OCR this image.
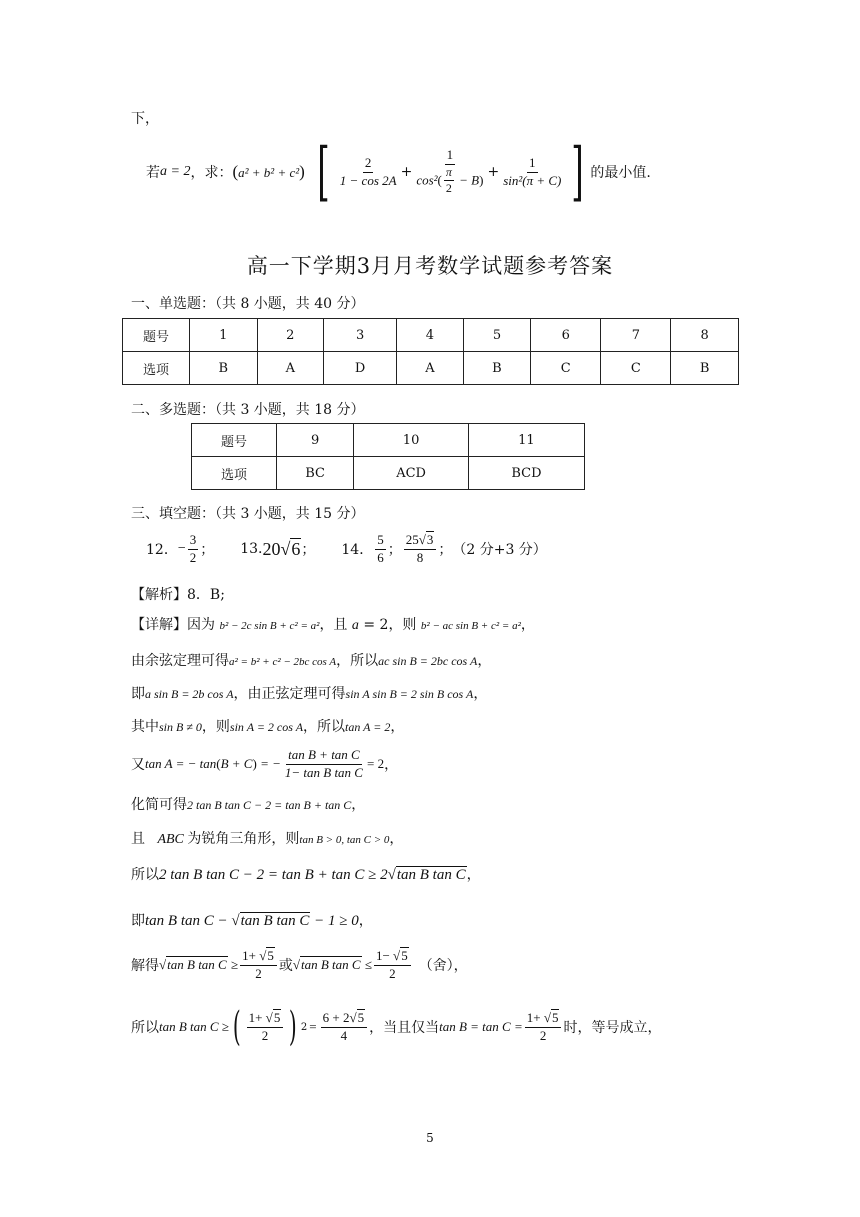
下，
若 a = 2 ，求： (a² + b² + c²) [ $\frac{2}{1 - \cos 2A} + \frac{1}{\cos^2( \frac{\pi}{2} - B)} + \frac{1}{\text{sin²(π + C)}}$ ] 的最小值.
高一下学期3月月考数学试题参考答案
一、单选题：（共 8 小题，共 40 分）
题号	1	2	3	4	5	6	7	8
选项	B	A	D	A	B	C	C	B
二、多选题：（共 3 小题，共 18 分）
题号	9	10	11
选项	BC	ACD	BCD
三、填空题：（共 3 小题，共 15 分）
12． − $\frac{3}{2}$ ； 13. 20√6 ； 14． $\frac{5}{6}$ ； $\frac{25√3}{8}$ ； （2 分+3 分）
【解析】8．B;
【详解】因为 b² − 2c sin B + c² = a²，且 a = 2，则 b² − ac sin B + c² = a²，
由余弦定理可得a² = b² + c² − 2bc cos A，所以ac sin B = 2bc cos A，
即a sin B = 2b cos A，由正弦定理可得sin A sin B = 2 sin B cos A，
其中sin B ≠ 0，则sin A = 2 cos A，所以tan A = 2，
又 tan A = − tan(B + C) = − $\frac{\text{tan B + tan C}}{\text{1− tan B tan C}} = 2$ ，
化简可得2 tan B tan C − 2 = tan B + tan C，
且 ABC 为锐角三角形，则tan B > 0, tan C > 0，
所以2 tan B tan C − 2 = tan B + tan C ≥ 2√tan B tan C，
即tan B tan C − √tan B tan C − 1 ≥ 0，
解得 √tan B $\tan C \ge \frac{1+ √5}{2}$ 或 √tan B $\tan C \le \frac{1- √5}{2}$ （舍），
所以 tan B tan C ≥ ( $\frac{1+ √5}{2}$ ) $2 = \frac{6 + 2√5}{4}$ ，当且仅当 $\tan B = \tan C = \frac{1+ √5}{2}$ 时，等号成立，
5
